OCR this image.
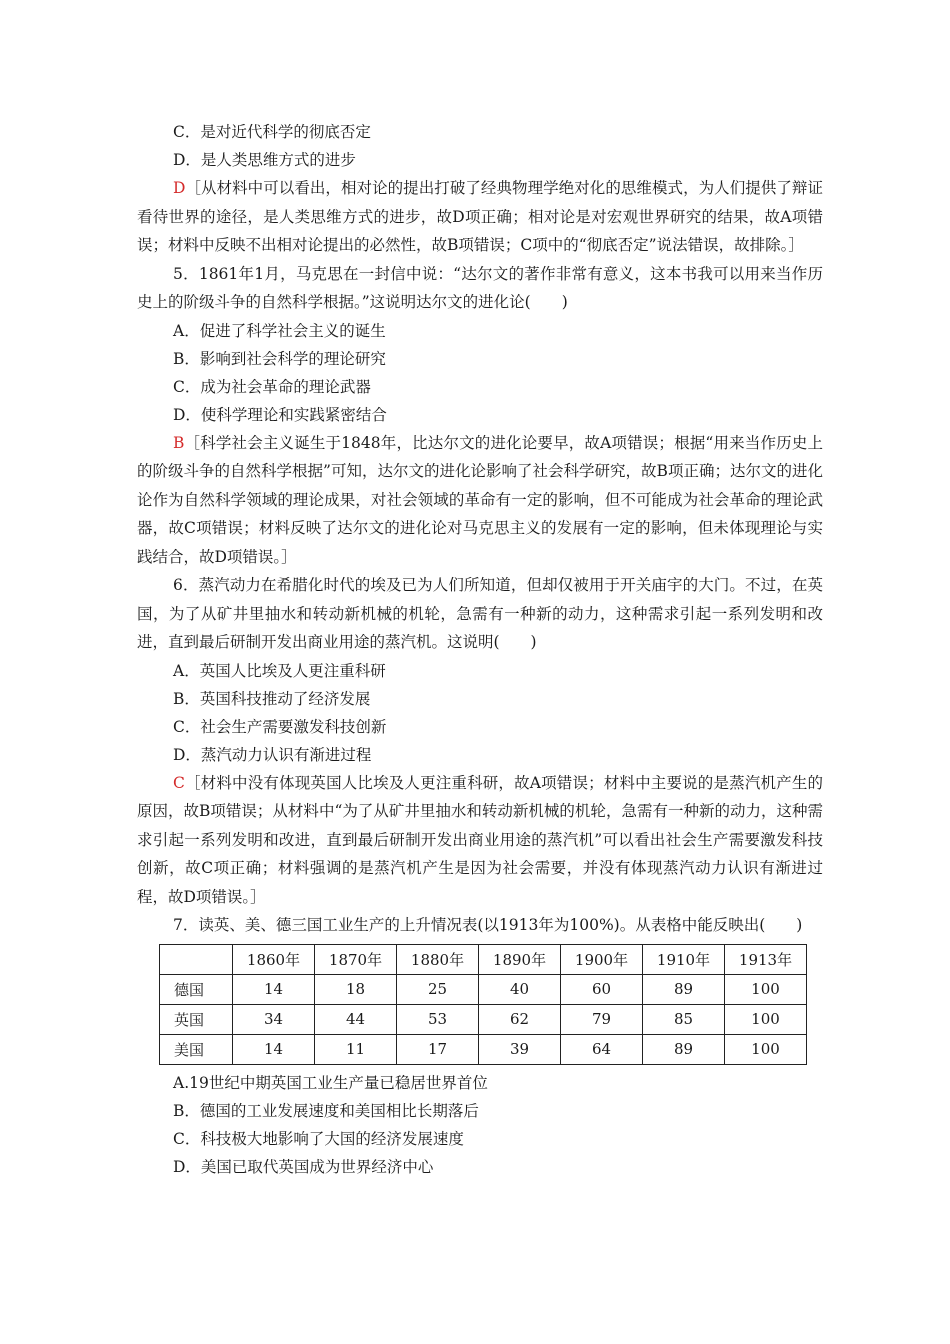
C．是对近代科学的彻底否定
D．是人类思维方式的进步

D［从材料中可以看出，相对论的提出打破了经典物理学绝对化的思维模式，为人们提供了辩证看待世界的途径，是人类思维方式的进步，故D项正确；相对论是对宏观世界研究的结果，故A项错误；材料中反映不出相对论提出的必然性，故B项错误；C项中的“彻底否定”说法错误，故排除。］

5．1861年1月，马克思在一封信中说：“达尔文的著作非常有意义，这本书我可以用来当作历史上的阶级斗争的自然科学根据。”这说明达尔文的进化论(　　)

A．促进了科学社会主义的诞生
B．影响到社会科学的理论研究
C．成为社会革命的理论武器
D．使科学理论和实践紧密结合

B［科学社会主义诞生于1848年，比达尔文的进化论要早，故A项错误；根据“用来当作历史上的阶级斗争的自然科学根据”可知，达尔文的进化论影响了社会科学研究，故B项正确；达尔文的进化论作为自然科学领域的理论成果，对社会领域的革命有一定的影响，但不可能成为社会革命的理论武器，故C项错误；材料反映了达尔文的进化论对马克思主义的发展有一定的影响，但未体现理论与实践结合，故D项错误。］

6．蒸汽动力在希腊化时代的埃及已为人们所知道，但却仅被用于开关庙宇的大门。不过，在英国，为了从矿井里抽水和转动新机械的机轮，急需有一种新的动力，这种需求引起一系列发明和改进，直到最后研制开发出商业用途的蒸汽机。这说明(　　)

A．英国人比埃及人更注重科研
B．英国科技推动了经济发展
C．社会生产需要激发科技创新
D．蒸汽动力认识有渐进过程

C［材料中没有体现英国人比埃及人更注重科研，故A项错误；材料中主要说的是蒸汽机产生的原因，故B项错误；从材料中“为了从矿井里抽水和转动新机械的机轮，急需有一种新的动力，这种需求引起一系列发明和改进，直到最后研制开发出商业用途的蒸汽机”可以看出社会生产需要激发科技创新，故C项正确；材料强调的是蒸汽机产生是因为社会需要，并没有体现蒸汽动力认识有渐进过程，故D项错误。］

7．读英、美、德三国工业生产的上升情况表(以1913年为100%)。从表格中能反映出(　　)

	1860年	1870年	1880年	1890年	1900年	1910年	1913年
德国	14	18	25	40	60	89	100
英国	34	44	53	62	79	85	100
美国	14	11	17	39	64	89	100
A.19世纪中期英国工业生产量已稳居世界首位
B．德国的工业发展速度和美国相比长期落后
C．科技极大地影响了大国的经济发展速度
D．美国已取代英国成为世界经济中心
